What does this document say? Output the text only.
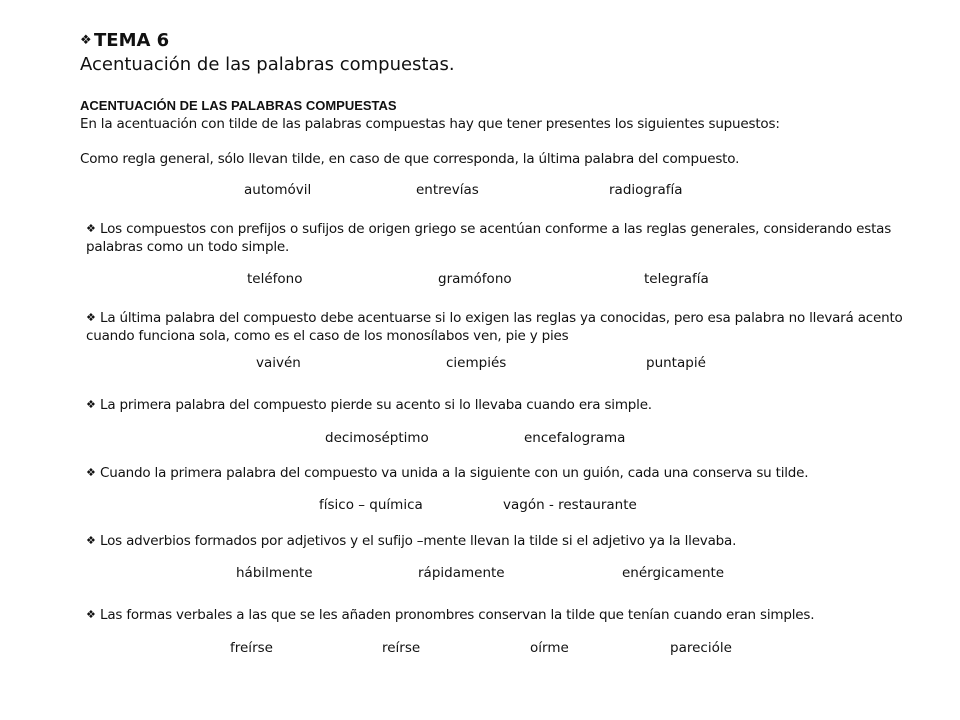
❖ TEMA 6
Acentuación de las palabras compuestas.
ACENTUACIÓN DE LAS PALABRAS COMPUESTAS
En la acentuación con tilde de las palabras compuestas hay que tener presentes los siguientes supuestos:
Como regla general, sólo llevan tilde, en caso de que corresponda, la última palabra del compuesto.
automóvil	entrevías	radiografía
❖ Los compuestos con prefijos o sufijos de origen griego se acentúan conforme a las reglas generales, considerando estas palabras como un todo simple.
teléfono	gramófono	telegrafía
❖ La última palabra del compuesto debe acentuarse si lo exigen las reglas ya conocidas, pero esa palabra no llevará acento cuando funciona sola, como es el caso de los monosílabos ven, pie y pies
vaivén	ciempiés	puntapié
❖ La primera palabra del compuesto pierde su acento si lo llevaba cuando era simple.
decimoséptimo	encefalograma
❖ Cuando la primera palabra del compuesto va unida a la siguiente con un guión, cada una conserva su tilde.
físico – química	vagón - restaurante
❖ Los adverbios formados por adjetivos y el sufijo –mente llevan la tilde si el adjetivo ya la llevaba.
hábilmente	rápidamente	enérgicamente
❖ Las formas verbales a las que se les añaden pronombres conservan la tilde que tenían cuando eran simples.
freírse	reírse	oírme	pareciόle
